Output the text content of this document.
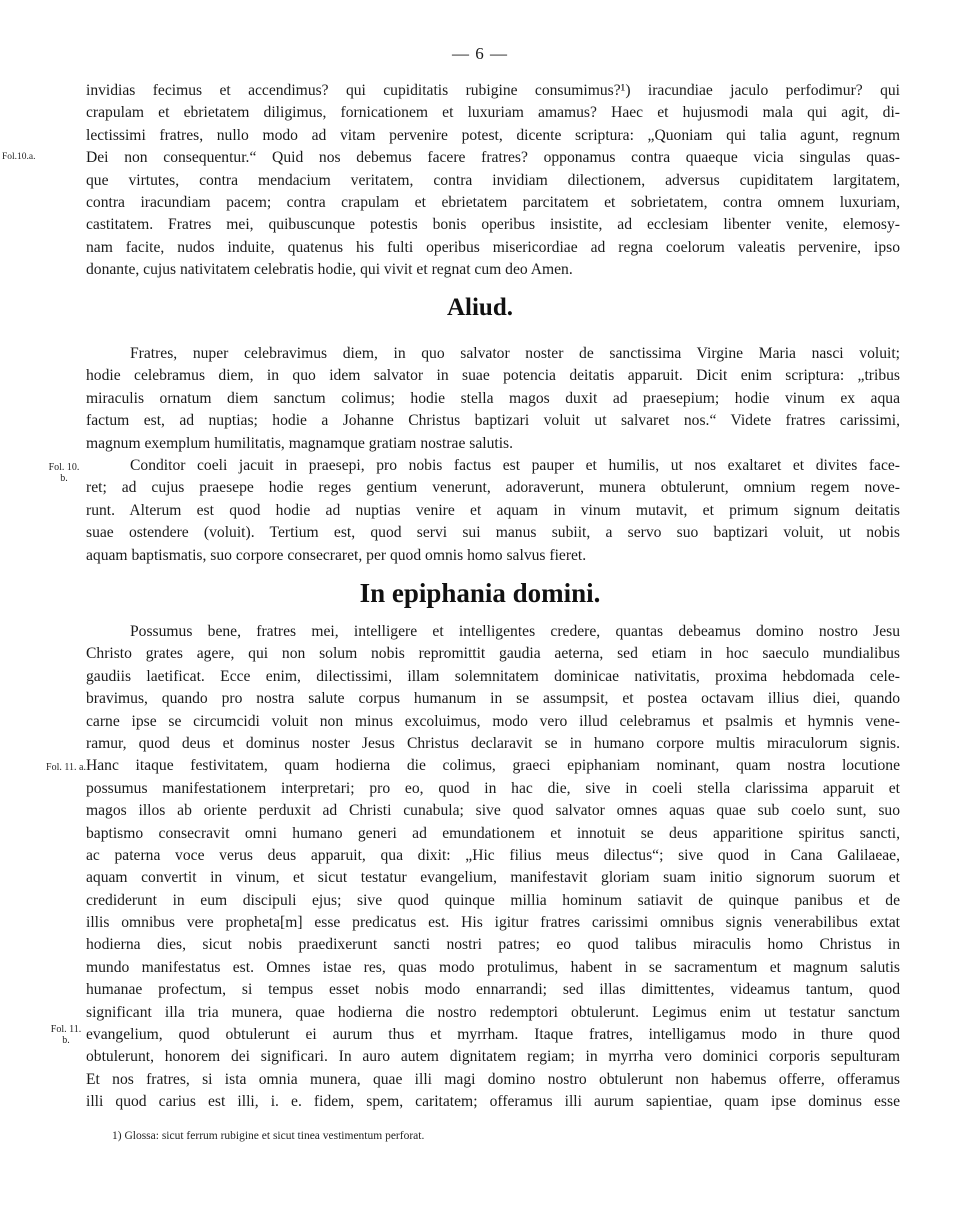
— 6 —
invidias fecimus et accendimus? qui cupiditatis rubigine consumimus?¹) iracundiae jaculo perfodimur? qui
crapulam et ebrietatem diligimus, fornicationem et luxuriam amamus? Haec et hujusmodi mala qui agit, di-
lectissimi fratres, nullo modo ad vitam pervenire potest, dicente scriptura: „Quoniam qui talia agunt, regnum
Dei non consequentur.“ Quid nos debemus facere fratres? opponamus contra quaeque vicia singulas quas-
que virtutes, contra mendacium veritatem, contra invidiam dilectionem, adversus cupiditatem largitatem,
contra iracundiam pacem; contra crapulam et ebrietatem parcitatem et sobrietatem, contra omnem luxuriam,
castitatem. Fratres mei, quibuscunque potestis bonis operibus insistite, ad ecclesiam libenter venite, elemosy-
nam facite, nudos induite, quatenus his fulti operibus misericordiae ad regna coelorum valeatis pervenire, ipso
donante, cujus nativitatem celebratis hodie, qui vivit et regnat cum deo Amen.
Aliud.
Fratres, nuper celebravimus diem, in quo salvator noster de sanctissima Virgine Maria nasci voluit;
hodie celebramus diem, in quo idem salvator in suae potencia deitatis apparuit. Dicit enim scriptura: „tribus
miraculis ornatum diem sanctum colimus; hodie stella magos duxit ad praesepium; hodie vinum ex aqua
factum est, ad nuptias; hodie a Johanne Christus baptizari voluit ut salvaret nos.“ Videte fratres carissimi,
magnum exemplum humilitatis, magnamque gratiam nostrae salutis.
Conditor coeli jacuit in praesepi, pro nobis factus est pauper et humilis, ut nos exaltaret et divites face-
ret; ad cujus praesepe hodie reges gentium venerunt, adoraverunt, munera obtulerunt, omnium regem nove-
runt. Alterum est quod hodie ad nuptias venire et aquam in vinum mutavit, et primum signum deitatis
suae ostendere (voluit). Tertium est, quod servi sui manus subiit, a servo suo baptizari voluit, ut nobis
aquam baptismatis, suo corpore consecraret, per quod omnis homo salvus fieret.
In epiphania domini.
Possumus bene, fratres mei, intelligere et intelligentes credere, quantas debeamus domino nostro Jesu
Christo grates agere, qui non solum nobis repromittit gaudia aeterna, sed etiam in hoc saeculo mundialibus
gaudiis laetificat. Ecce enim, dilectissimi, illam solemnitatem dominicae nativitatis, proxima hebdomada cele-
bravimus, quando pro nostra salute corpus humanum in se assumpsit, et postea octavam illius diei, quando
carne ipse se circumcidi voluit non minus excoluimus, modo vero illud celebramus et psalmis et hymnis vene-
ramur, quod deus et dominus noster Jesus Christus declaravit se in humano corpore multis miraculorum signis.
Hanc itaque festivitatem, quam hodierna die colimus, graeci epiphaniam nominant, quam nostra locutione
possumus manifestationem interpretari; pro eo, quod in hac die, sive in coeli stella clarissima apparuit et
magos illos ab oriente perduxit ad Christi cunabula; sive quod salvator omnes aquas quae sub coelo sunt, suo
baptismo consecravit omni humano generi ad emundationem et innotuit se deus apparitione spiritus sancti,
ac paterna voce verus deus apparuit, qua dixit: „Hic filius meus dilectus“; sive quod in Cana Galilaeae,
aquam convertit in vinum, et sicut testatur evangelium, manifestavit gloriam suam initio signorum suorum et
crediderunt in eum discipuli ejus; sive quod quinque millia hominum satiavit de quinque panibus et de
illis omnibus vere propheta[m] esse predicatus est. His igitur fratres carissimi omnibus signis venerabilibus extat
hodierna dies, sicut nobis praedixerunt sancti nostri patres; eo quod talibus miraculis homo Christus in
mundo manifestatus est. Omnes istae res, quas modo protulimus, habent in se sacramentum et magnum salutis
humanae profectum, si tempus esset nobis modo ennarrandi; sed illas dimittentes, videamus tantum, quod
significant illa tria munera, quae hodierna die nostro redemptori obtulerunt. Legimus enim ut testatur sanctum
evangelium, quod obtulerunt ei aurum thus et myrrham. Itaque fratres, intelligamus modo in thure quod
obtulerunt, honorem dei significari. In auro autem dignitatem regiam; in myrrha vero dominici corporis sepulturam
Et nos fratres, si ista omnia munera, quae illi magi domino nostro obtulerunt non habemus offerre, offeramus
illi quod carius est illi, i. e. fidem, spem, caritatem; offeramus illi aurum sapientiae, quam ipse dominus esse
Fol.10.a.
Fol. 10. b.
Fol. 11. a.
Fol. 11. b.
1) Glossa: sicut ferrum rubigine et sicut tinea vestimentum perforat.
